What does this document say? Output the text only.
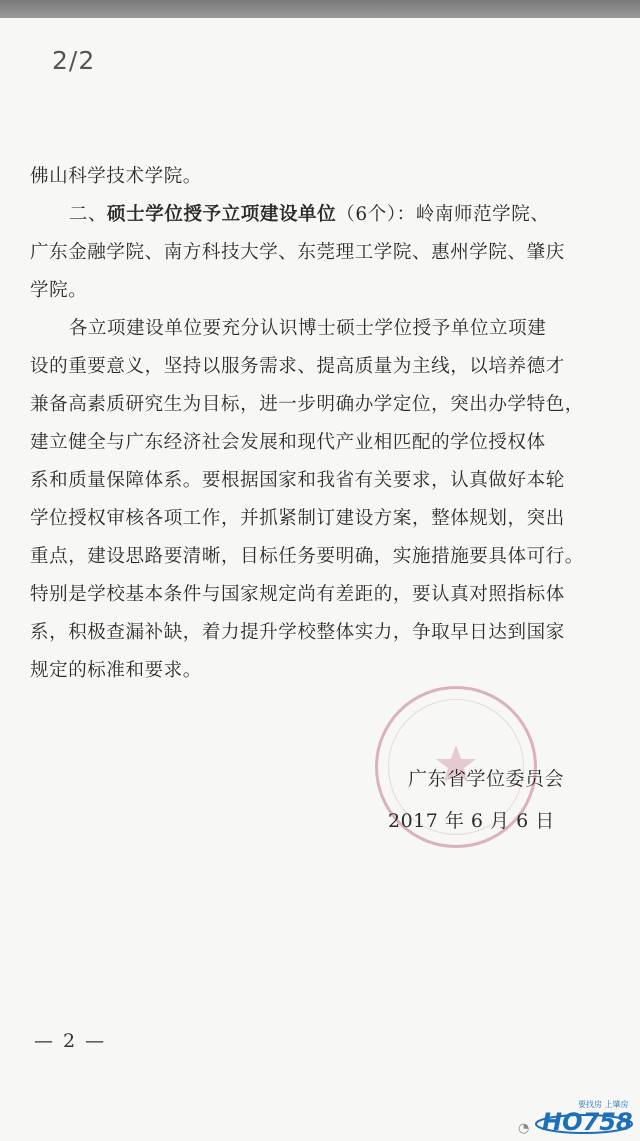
2/2

佛山科学技术学院。

二、硕士学位授予立项建设单位（6个）：岭南师范学院、

广东金融学院、南方科技大学、东莞理工学院、惠州学院、肇庆

学院。

各立项建设单位要充分认识博士硕士学位授予单位立项建

设的重要意义，坚持以服务需求、提高质量为主线，以培养德才

兼备高素质研究生为目标，进一步明确办学定位，突出办学特色，

建立健全与广东经济社会发展和现代产业相匹配的学位授权体

系和质量保障体系。要根据国家和我省有关要求，认真做好本轮

学位授权审核各项工作，并抓紧制订建设方案，整体规划，突出

重点，建设思路要清晰，目标任务要明确，实施措施要具体可行。

特别是学校基本条件与国家规定尚有差距的，要认真对照指标体

系，积极查漏补缺，着力提升学校整体实力，争取早日达到国家

规定的标准和要求。

广东省学位委员会
2017 年 6 月 6 日
— 2 —
◔ HO758
要找房 上肇房
